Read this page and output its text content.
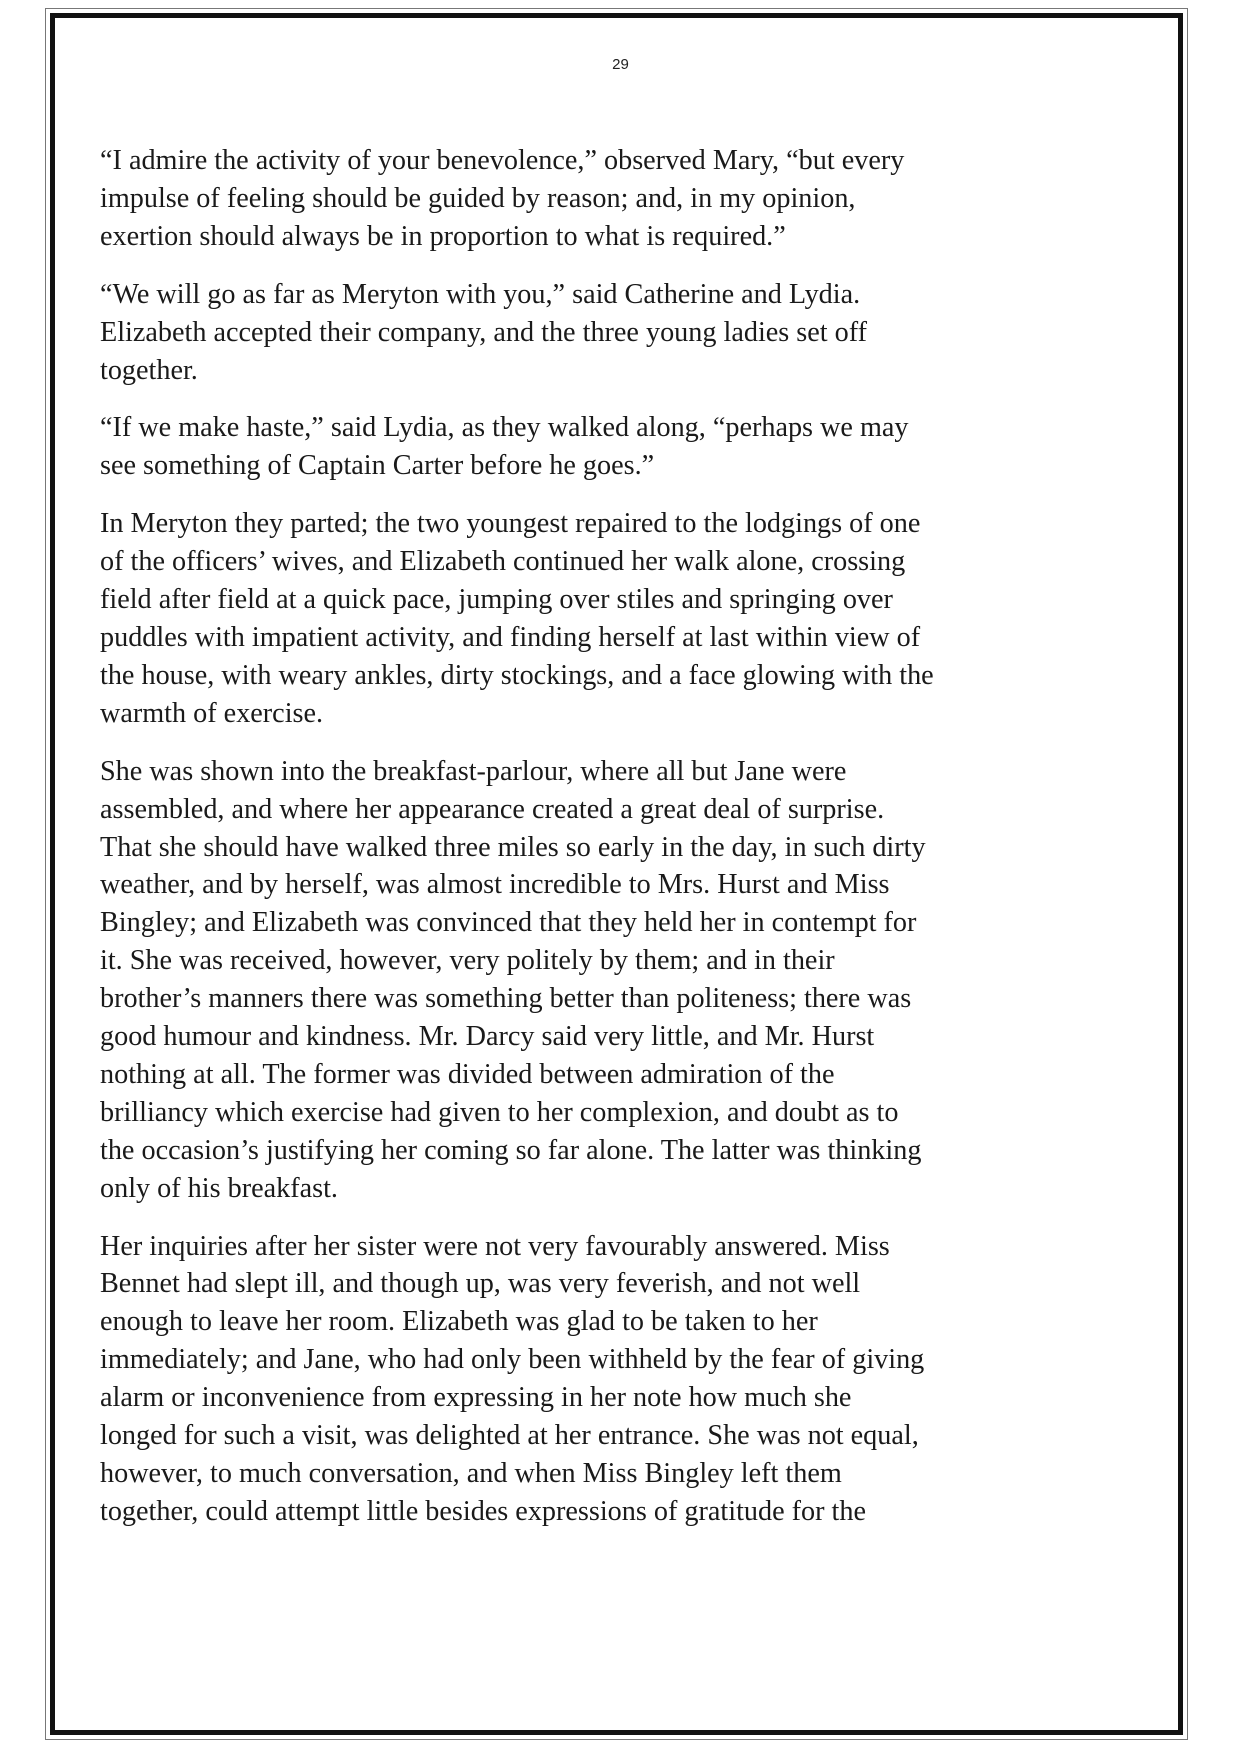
29

“I admire the activity of your benevolence,” observed Mary, “but every
impulse of feeling should be guided by reason; and, in my opinion,
exertion should always be in proportion to what is required.”

“We will go as far as Meryton with you,” said Catherine and Lydia.
Elizabeth accepted their company, and the three young ladies set off
together.

“If we make haste,” said Lydia, as they walked along, “perhaps we may
see something of Captain Carter before he goes.”

In Meryton they parted; the two youngest repaired to the lodgings of one
of the officers’ wives, and Elizabeth continued her walk alone, crossing
field after field at a quick pace, jumping over stiles and springing over
puddles with impatient activity, and finding herself at last within view of
the house, with weary ankles, dirty stockings, and a face glowing with the
warmth of exercise.

She was shown into the breakfast-parlour, where all but Jane were
assembled, and where her appearance created a great deal of surprise.
That she should have walked three miles so early in the day, in such dirty
weather, and by herself, was almost incredible to Mrs. Hurst and Miss
Bingley; and Elizabeth was convinced that they held her in contempt for
it. She was received, however, very politely by them; and in their
brother’s manners there was something better than politeness; there was
good humour and kindness. Mr. Darcy said very little, and Mr. Hurst
nothing at all. The former was divided between admiration of the
brilliancy which exercise had given to her complexion, and doubt as to
the occasion’s justifying her coming so far alone. The latter was thinking
only of his breakfast.

Her inquiries after her sister were not very favourably answered. Miss
Bennet had slept ill, and though up, was very feverish, and not well
enough to leave her room. Elizabeth was glad to be taken to her
immediately; and Jane, who had only been withheld by the fear of giving
alarm or inconvenience from expressing in her note how much she
longed for such a visit, was delighted at her entrance. She was not equal,
however, to much conversation, and when Miss Bingley left them
together, could attempt little besides expressions of gratitude for the
